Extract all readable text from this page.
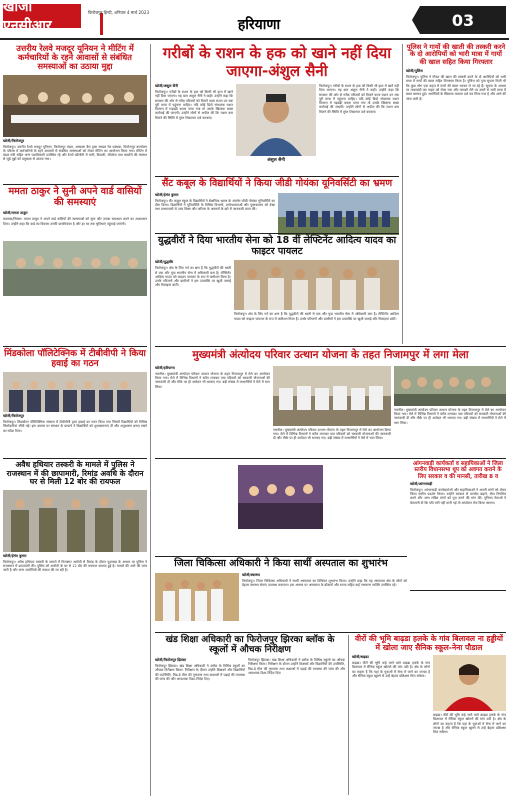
खोजी एनसीआर
फिरोजपुर हिन्दी, शनिवार 4 मार्च 2023
हरियाणा	03
उत्तरीय रेलवे मजदूर यूनियन ने मीटिंग में कर्मचारियों के रहने आवासों से संबंधित समस्याओं का उठाया मुद्दा
खोजी/फिरोजपुर
फिरोजपुर। उत्तरीय रेलवे मजदूर यूनियन, फिरोजपुर मंडल, अम्बाला कैंट द्वारा मण्डल रेल प्रबंधक, फिरोजपुर कार्यालय के परिसर में कर्मचारियों के रहने आवासों से संबंधित समस्याओं को लेकर मीटिंग का आयोजन किया गया। मीटिंग में मंडल मंत्री सहित अन्य पदाधिकारी उपस्थित रहे और रेलवे कॉलोनी में पानी, बिजली, सीवरेज तथा क्वार्टरों की मरम्मत से जुड़े मुद्दों को प्रमुखता से उठाया गया।
ममता ठाकुर ने सुनी अपने वार्ड वासियों की समस्याएं
खोजी/ममता ठाकुर
कालका/सिरसा। ममता ठाकुर ने अपने वार्ड वासियों की समस्याओं को सुना और उनका समाधान करने का आश्वासन दिया। उन्होंने कहा कि वार्ड का विकास उनकी प्राथमिकता है और हर घर तक सुविधाएं पहुंचाई जाएंगी।
मिंडकोला पॉलिटेक्निक में टीबीवीपी ने किया हवाई का गठन
खोजी/फिरोजपुर
फिरोजपुर। मिंडकोला पॉलिटेक्निक संस्थान में टीबीवीपी द्वारा इकाई का गठन किया गया जिसमें विद्यार्थियों को विभिन्न जिम्मेदारियां सौंपी गईं। इस अवसर पर संस्थान के प्राचार्य ने विद्यार्थियों को शुभकामनाएं दीं और अनुशासन बनाए रखने का संदेश दिया।
अवैध हथियार तस्करी के मामले में पुलिस ने राजस्थान में की छापामारी, रिमांड अवधि के दौरान घर से मिली 12 बोर की रायफल
खोजी/हेमंत कुमार
फिरोजपुर। अवैध हथियार तस्करी के मामले में गिरफ्तार आरोपी से रिमांड के दौरान पूछताछ के आधार पर पुलिस ने राजस्थान में छापामारी की। पुलिस को आरोपी के घर से 12 बोर की रायफल बरामद हुई है। मामले की आगे की जांच जारी है और अन्य आरोपियों की तलाश की जा रही है।
गरीबों के राशन के हक को खाने नहीं दिया जाएगा-अंशुल सैनी
खोजी/अंशुल सैनी
फिरोजपुर। गरीबों के राशन के हक को किसी भी हाल में खाने नहीं दिया जाएगा। यह बात अंशुल सैनी ने कही। उन्होंने कहा कि सरकार की ओर से गरीब परिवारों को मिलने वाला राशन उन तक पूरी मात्रा में पहुंचना चाहिए। यदि कोई डिपो संचालक राशन वितरण में गड़बड़ी करता पाया गया तो उसके खिलाफ सख्त कार्रवाई की जाएगी। उन्होंने लोगों से अपील की कि राशन कम मिलने की स्थिति में तुरंत शिकायत दर्ज करवाएं।
अंशुल सैनी
फिरोजपुर। गरीबों के राशन के हक को किसी भी हाल में खाने नहीं दिया जाएगा। यह बात अंशुल सैनी ने कही। उन्होंने कहा कि सरकार की ओर से गरीब परिवारों को मिलने वाला राशन उन तक पूरी मात्रा में पहुंचना चाहिए। यदि कोई डिपो संचालक राशन वितरण में गड़बड़ी करता पाया गया तो उसके खिलाफ सख्त कार्रवाई की जाएगी। उन्होंने लोगों से अपील की कि राशन कम मिलने की स्थिति में तुरंत शिकायत दर्ज करवाएं।
सैंट कबूल के विद्यार्थियों ने किया जीडी गोयंका यूनिवर्सिटी का भ्रमण
खोजी/हेमंत कुमार
फिरोजपुर। सैंट कबूल स्कूल के विद्यार्थियों ने शैक्षणिक भ्रमण के अंतर्गत जीडी गोयंका यूनिवर्सिटी का दौरा किया। विद्यार्थियों ने यूनिवर्सिटी के विभिन्न विभागों, प्रयोगशालाओं और पुस्तकालय को देखा तथा प्राध्यापकों से उच्च शिक्षा और करियर के अवसरों के बारे में जानकारी प्राप्त की।
युद्धवीरों ने दिया भारतीय सेना को 18 वीं लेफ्टिनेंट आदित्य यादव का फाइटर पायलट
खोजी/युद्धवीर
फिरोजपुर। क्षेत्र के लिए गर्व का क्षण है कि युद्धवीरों की धरती से एक और युवा भारतीय सेना में अधिकारी बना है। लेफ्टिनेंट आदित्य यादव को फाइटर पायलट के रूप में कमीशन मिला है। उनके परिजनों और ग्रामीणों ने इस उपलब्धि पर खुशी जताई और मिठाइयां बांटीं।
फिरोजपुर। क्षेत्र के लिए गर्व का क्षण है कि युद्धवीरों की धरती से एक और युवा भारतीय सेना में अधिकारी बना है। लेफ्टिनेंट आदित्य यादव को फाइटर पायलट के रूप में कमीशन मिला है। उनके परिजनों और ग्रामीणों ने इस उपलब्धि पर खुशी जताई और मिठाइयां बांटीं।
पुलिस ने गायों की खाती की तस्करी करने के दो आरोपियों को भारी मात्रा में गायों की खाल सहित किया गिरफ्तार
खोजी/पुलिस
फिरोजपुर। पुलिस ने गौवंश की खाल की तस्करी करने के दो आरोपियों को भारी मात्रा में गायों की खाल सहित गिरफ्तार किया है। पुलिस को गुप्त सूचना मिली थी कि कुछ लोग एक वाहन में गायों की खाल भरकर ले जा रहे हैं। सूचना के आधार पर नाकाबंदी कर वाहन को रोका गया और तलाशी लेने पर उसमें से भारी मात्रा में खाल बरामद हुई। आरोपियों के खिलाफ मामला दर्ज कर लिया गया है और आगे की जांच जारी है।
मुख्यमंत्री अंत्योदय परिवार उत्थान योजना के तहत निजामपुर में लगा मेला
खोजी/हरियाणा
नारनौल। मुख्यमंत्री अंत्योदय परिवार उत्थान योजना के तहत निजामपुर में मेले का आयोजन किया गया। मेले में विभिन्न विभागों ने स्टॉल लगाकर पात्र परिवारों को सरकारी योजनाओं की जानकारी दी और मौके पर ही आवेदन भी भरवाए गए। बड़ी संख्या में लाभार्थियों ने मेले में भाग लिया।
नारनौल। मुख्यमंत्री अंत्योदय परिवार उत्थान योजना के तहत निजामपुर में मेले का आयोजन किया गया। मेले में विभिन्न विभागों ने स्टॉल लगाकर पात्र परिवारों को सरकारी योजनाओं की जानकारी दी और मौके पर ही आवेदन भी भरवाए गए। बड़ी संख्या में लाभार्थियों ने मेले में भाग लिया।
नारनौल। मुख्यमंत्री अंत्योदय परिवार उत्थान योजना के तहत निजामपुर में मेले का आयोजन किया गया। मेले में विभिन्न विभागों ने स्टॉल लगाकर पात्र परिवारों को सरकारी योजनाओं की जानकारी दी और मौके पर ही आवेदन भी भरवाए गए। बड़ी संख्या में लाभार्थियों ने मेले में भाग लिया।
आंगनवाड़ी कार्यकर्ता व सहायिकाओं ने जिला स्तरीय विधानसभा धूप को अवगत कराने के लिए सरकार व की मानसी, तारीख 8 व
खोजी/आंगनवाड़ी
फिरोजपुर। आंगनवाड़ी कार्यकर्ताओं और सहायिकाओं ने अपनी मांगों को लेकर जिला स्तरीय प्रदर्शन किया। उन्होंने सरकार से मानदेय बढ़ाने, सेवा नियमित करने और अन्य लंबित मांगों को पूरा करने की मांग की। यूनियन नेताओं ने चेतावनी दी कि यदि मांगें नहीं मानी गईं तो आंदोलन तेज किया जाएगा।
जिला चिकित्सा अधिकारी ने किया सार्थी अस्पताल का शुभारंभ
खोजी/स्वास्थ्य
फिरोजपुर। जिला चिकित्सा अधिकारी ने सार्थी अस्पताल का विधिवत शुभारंभ किया। उन्होंने कहा कि यह अस्पताल क्षेत्र के लोगों को बेहतर स्वास्थ्य सेवाएं उपलब्ध कराएगा। इस अवसर पर अस्पताल के डॉक्टरों और स्टाफ सहित कई गणमान्य व्यक्ति उपस्थित रहे।
खंड शिक्षा अधिकारी का फिरोजपुर झिरका ब्लॉक के स्कूलों में औचक निरीक्षण
खोजी/फिरोजपुर झिरका
फिरोजपुर झिरका। खंड शिक्षा अधिकारी ने ब्लॉक के विभिन्न स्कूलों का औचक निरीक्षण किया। निरीक्षण के दौरान उन्होंने शिक्षकों और विद्यार्थियों की उपस्थिति, मिड-डे मील की गुणवत्ता तथा कक्षाओं में पढ़ाई की व्यवस्था की जांच की और आवश्यक दिशा-निर्देश दिए।
फिरोजपुर झिरका। खंड शिक्षा अधिकारी ने ब्लॉक के विभिन्न स्कूलों का औचक निरीक्षण किया। निरीक्षण के दौरान उन्होंने शिक्षकों और विद्यार्थियों की उपस्थिति, मिड-डे मील की गुणवत्ता तथा कक्षाओं में पढ़ाई की व्यवस्था की जांच की और आवश्यक दिशा-निर्देश दिए।
वीरों की भूमि बाढ़डा हलके के गांव बिलावल ना हड्डीयों में खोला जाए सैनिक स्कूल-नेना पौडाल
खोजी/बाढ़डा
बाढ़डा। वीरों की भूमि कहे जाने वाले बाढ़डा हलके के गांव बिलावल में सैनिक स्कूल खोलने की मांग उठी है। क्षेत्र के लोगों का कहना है कि यहां के युवाओं में सेना में जाने का जज्बा है और सैनिक स्कूल खुलने से उन्हें बेहतर प्रशिक्षण मिल सकेगा।
बाढ़डा। वीरों की भूमि कहे जाने वाले बाढ़डा हलके के गांव बिलावल में सैनिक स्कूल खोलने की मांग उठी है। क्षेत्र के लोगों का कहना है कि यहां के युवाओं में सेना में जाने का जज्बा है और सैनिक स्कूल खुलने से उन्हें बेहतर प्रशिक्षण मिल सकेगा।
